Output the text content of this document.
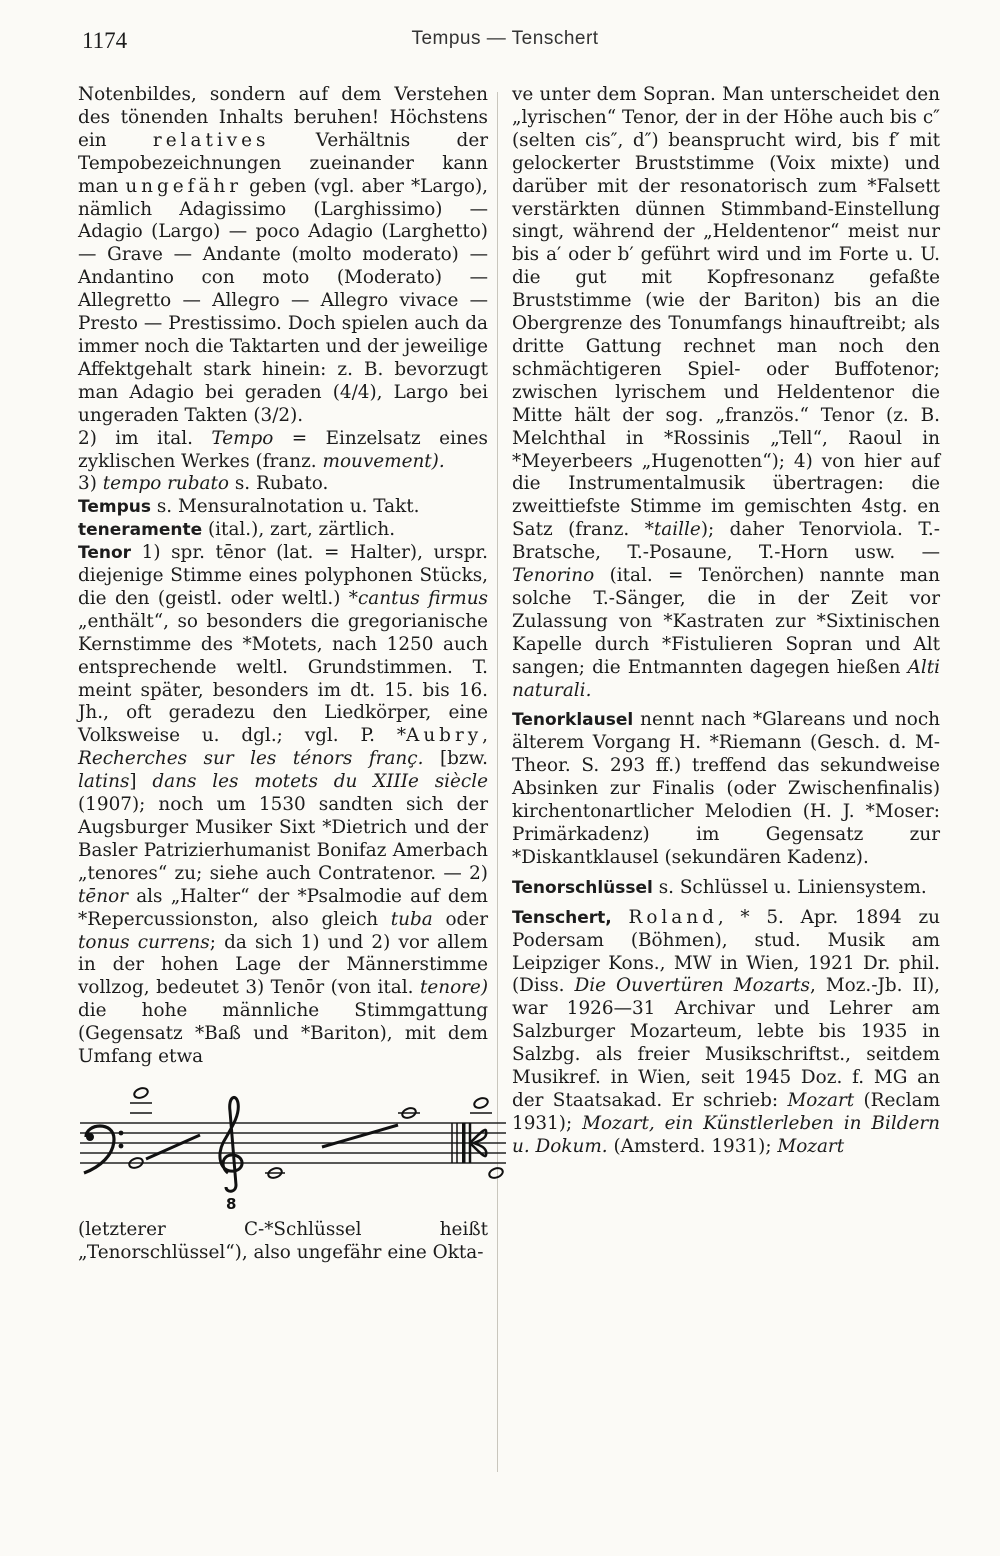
1174	Tempus — Tenschert

Notenbildes, sondern auf dem Verstehen des tönenden Inhalts beruhen! Höchstens ein relatives Verhältnis der Tempobezeichnungen zueinander kann man ungefähr geben (vgl. aber *Largo), nämlich Adagissimo (Larghissimo) — Adagio (Largo) — poco Adagio (Larghetto) — Grave — Andante (molto moderato) — Andantino con moto (Moderato) — Allegretto — Allegro — Allegro vivace — Presto — Prestissimo. Doch spielen auch da immer noch die Taktarten und der jeweilige Affektgehalt stark hinein: z. B. bevorzugt man Adagio bei geraden (4/4), Largo bei ungeraden Takten (3/2).

2) im ital. Tempo = Einzelsatz eines zyklischen Werkes (franz. mouvement).

3) tempo rubato s. Rubato.

Tempus s. Mensuralnotation u. Takt.

teneramente (ital.), zart, zärtlich.

Tenor 1) spr. tēnor (lat. = Halter), urspr. diejenige Stimme eines polyphonen Stücks, die den (geistl. oder weltl.) *cantus firmus „enthält“, so besonders die gregorianische Kernstimme des *Motets, nach 1250 auch entsprechende weltl. Grundstimmen. T. meint später, besonders im dt. 15. bis 16. Jh., oft geradezu den Liedkörper, eine Volksweise u. dgl.; vgl. P. *Aubry, Recherches sur les ténors franç. [bzw. latins] dans les motets du XIIIe siècle (1907); noch um 1530 sandten sich der Augsburger Musiker Sixt *Dietrich und der Basler Patrizierhumanist Bonifaz Amerbach „tenores“ zu; siehe auch Contratenor. — 2) tēnor als „Halter“ der *Psalmodie auf dem *Repercussionston, also gleich tuba oder tonus currens; da sich 1) und 2) vor allem in der hohen Lage der Männerstimme vollzog, bedeutet 3) Tenōr (von ital. tenore) die hohe männliche Stimmgattung (Gegensatz *Baß und *Bariton), mit dem Umfang etwa

8

(letzterer C-*Schlüssel heißt „Tenorschlüssel“), also ungefähr eine Okta-

ve unter dem Sopran. Man unterscheidet den „lyrischen“ Tenor, der in der Höhe auch bis c″ (selten cis″, d″) beansprucht wird, bis f′ mit gelockerter Bruststimme (Voix mixte) und darüber mit der resonatorisch zum *Falsett verstärkten dünnen Stimmband-Einstellung singt, während der „Heldentenor“ meist nur bis a′ oder b′ geführt wird und im Forte u. U. die gut mit Kopfresonanz gefaßte Bruststimme (wie der Bariton) bis an die Obergrenze des Tonumfangs hinauftreibt; als dritte Gattung rechnet man noch den schmächtigeren Spiel- oder Buffotenor; zwischen lyrischem und Heldentenor die Mitte hält der sog. „französ.“ Tenor (z. B. Melchthal in *Rossinis „Tell“, Raoul in *Meyerbeers „Hugenotten“); 4) von hier auf die Instrumentalmusik übertragen: die zweittiefste Stimme im gemischten 4stg. en Satz (franz. *taille); daher Tenorviola. T.-Bratsche, T.-Posaune, T.-Horn usw. — Tenorino (ital. = Tenörchen) nannte man solche T.-Sänger, die in der Zeit vor Zulassung von *Kastraten zur *Sixtinischen Kapelle durch *Fistulieren Sopran und Alt sangen; die Entmannten dagegen hießen Alti naturali.

Tenorklausel nennt nach *Glareans und noch älterem Vorgang H. *Riemann (Gesch. d. M-Theor. S. 293 ff.) treffend das sekundweise Absinken zur Finalis (oder Zwischenfinalis) kirchentonartlicher Melodien (H. J. *Moser: Primärkadenz) im Gegensatz zur *Diskantklausel (sekundären Kadenz).

Tenorschlüssel s. Schlüssel u. Liniensystem.

Tenschert, Roland, * 5. Apr. 1894 zu Podersam (Böhmen), stud. Musik am Leipziger Kons., MW in Wien, 1921 Dr. phil. (Diss. Die Ouvertüren Mozarts, Moz.-Jb. II), war 1926—31 Archivar und Lehrer am Salzburger Mozarteum, lebte bis 1935 in Salzbg. als freier Musikschriftst., seitdem Musikref. in Wien, seit 1945 Doz. f. MG an der Staatsakad. Er schrieb: Mozart (Reclam 1931); Mozart, ein Künstlerleben in Bildern u. Dokum. (Amsterd. 1931); Mozart
